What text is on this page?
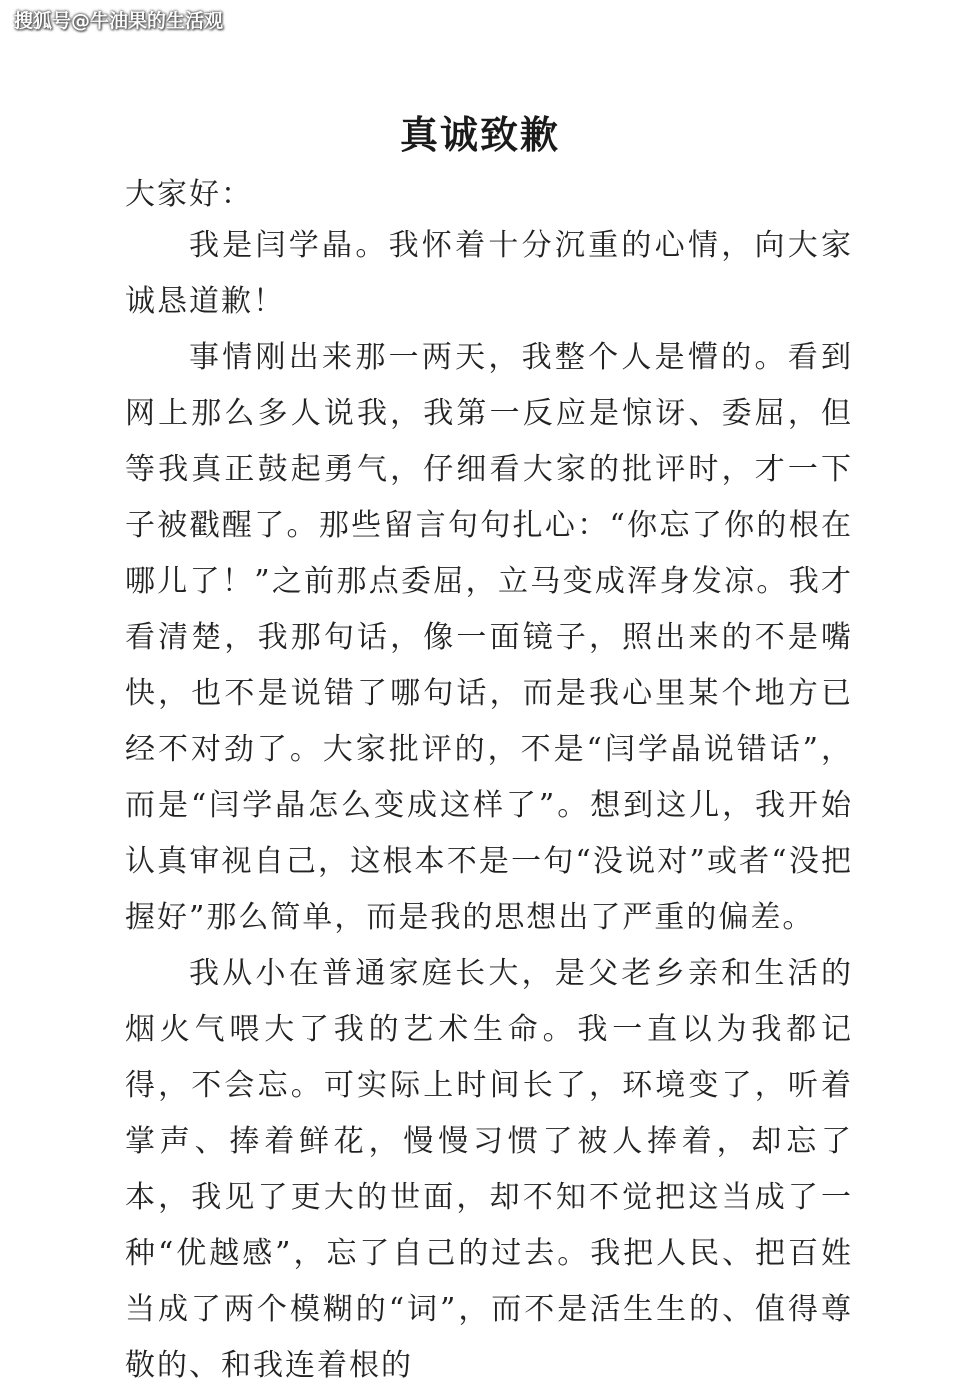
搜狐号@牛油果的生活观
真诚致歉
大家好：

我是闫学晶。我怀着十分沉重的心情，向大家诚恳道歉！

事情刚出来那一两天，我整个人是懵的。看到网上那么多人说我，我第一反应是惊讶、委屈，但等我真正鼓起勇气，仔细看大家的批评时，才一下子被戳醒了。那些留言句句扎心：“你忘了你的根在哪儿了！”之前那点委屈，立马变成浑身发凉。我才看清楚，我那句话，像一面镜子，照出来的不是嘴快，也不是说错了哪句话，而是我心里某个地方已经不对劲了。大家批评的，不是“闫学晶说错话”，而是“闫学晶怎么变成这样了”。想到这儿，我开始认真审视自己，这根本不是一句“没说对”或者“没把握好”那么简单，而是我的思想出了严重的偏差。

我从小在普通家庭长大，是父老乡亲和生活的烟火气喂大了我的艺术生命。我一直以为我都记得，不会忘。可实际上时间长了，环境变了，听着掌声、捧着鲜花，慢慢习惯了被人捧着，却忘了本，我见了更大的世面，却不知不觉把这当成了一种“优越感”，忘了自己的过去。我把人民、把百姓当成了两个模糊的“词”，而不是活生生的、值得尊敬的、和我连着根的
